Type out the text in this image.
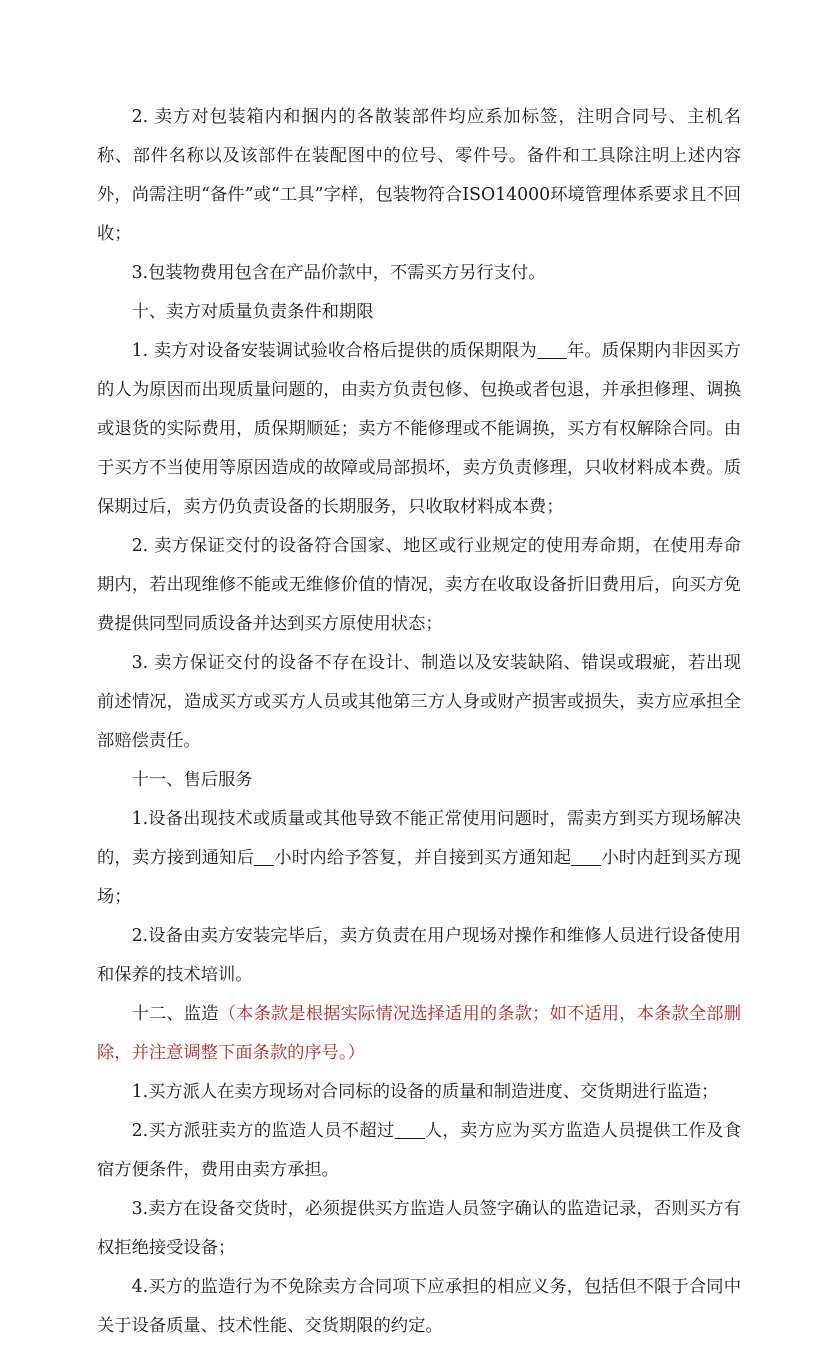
2. 卖方对包装箱内和捆内的各散装部件均应系加标签，注明合同号、主机名称、部件名称以及该部件在装配图中的位号、零件号。备件和工具除注明上述内容外，尚需注明“备件”或“工具”字样，包装物符合ISO14000环境管理体系要求且不回收；

3.包装物费用包含在产品价款中，不需买方另行支付。

十、卖方对质量负责条件和期限

1. 卖方对设备安装调试验收合格后提供的质保期限为 年。质保期内非因买方的人为原因而出现质量问题的，由卖方负责包修、包换或者包退，并承担修理、调换或退货的实际费用，质保期顺延；卖方不能修理或不能调换，买方有权解除合同。由于买方不当使用等原因造成的故障或局部损坏，卖方负责修理，只收材料成本费。质保期过后，卖方仍负责设备的长期服务，只收取材料成本费；

2. 卖方保证交付的设备符合国家、地区或行业规定的使用寿命期，在使用寿命期内，若出现维修不能或无维修价值的情况，卖方在收取设备折旧费用后，向买方免费提供同型同质设备并达到买方原使用状态；

3. 卖方保证交付的设备不存在设计、制造以及安装缺陷、错误或瑕疵，若出现前述情况，造成买方或买方人员或其他第三方人身或财产损害或损失，卖方应承担全部赔偿责任。

十一、售后服务

1.设备出现技术或质量或其他导致不能正常使用问题时，需卖方到买方现场解决的，卖方接到通知后 小时内给予答复，并自接到买方通知起 小时内赶到买方现场；

2.设备由卖方安装完毕后，卖方负责在用户现场对操作和维修人员进行设备使用和保养的技术培训。

十二、监造（本条款是根据实际情况选择适用的条款；如不适用，本条款全部删除，并注意调整下面条款的序号。）

1.买方派人在卖方现场对合同标的设备的质量和制造进度、交货期进行监造；

2.买方派驻卖方的监造人员不超过 人，卖方应为买方监造人员提供工作及食宿方便条件，费用由卖方承担。

3.卖方在设备交货时，必须提供买方监造人员签字确认的监造记录，否则买方有权拒绝接受设备；

4.买方的监造行为不免除卖方合同项下应承担的相应义务，包括但不限于合同中关于设备质量、技术性能、交货期限的约定。
